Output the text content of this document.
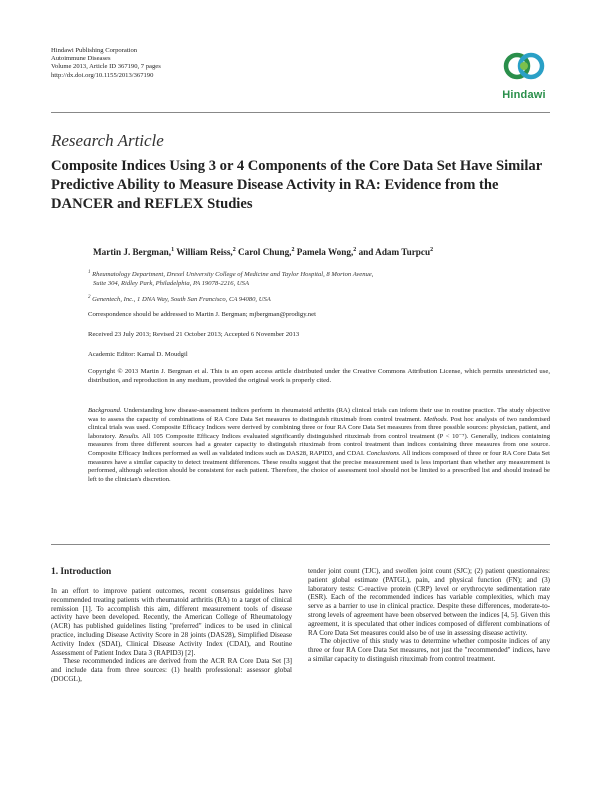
Hindawi Publishing Corporation
Autoimmune Diseases
Volume 2013, Article ID 367190, 7 pages
http://dx.doi.org/10.1155/2013/367190
Hindawi
Research Article
Composite Indices Using 3 or 4 Components of the Core Data Set Have Similar Predictive Ability to Measure Disease Activity in RA: Evidence from the DANCER and REFLEX Studies
Martin J. Bergman,$^1$ William Reiss,$^2$ Carol Chung,$^2$ Pamela Wong,$^2$ and Adam Turpcu$^2$
$^1$ Rheumatology Department, Drexel University College of Medicine and Taylor Hospital, 8 Morton Avenue,
Suite 304, Ridley Park, Philadelphia, PA 19078-2216, USA
$^2$ Genentech, Inc., 1 DNA Way, South San Francisco, CA 94080, USA
Correspondence should be addressed to Martin J. Bergman; mjbergman@prodigy.net
Received 23 July 2013; Revised 21 October 2013; Accepted 6 November 2013
Academic Editor: Kamal D. Moudgil
Copyright © 2013 Martin J. Bergman et al. This is an open access article distributed under the Creative Commons Attribution License, which permits unrestricted use, distribution, and reproduction in any medium, provided the original work is properly cited.
Background. Understanding how disease-assessment indices perform in rheumatoid arthritis (RA) clinical trials can inform their use in routine practice. The study objective was to assess the capacity of combinations of RA Core Data Set measures to distinguish rituximab from control treatment. Methods. Post hoc analysis of two randomised clinical trials was used. Composite Efficacy Indices were derived by combining three or four RA Core Data Set measures from three possible sources: physician, patient, and laboratory. Results. All 105 Composite Efficacy Indices evaluated significantly distinguished rituximab from control treatment (P < 10⁻⁷). Generally, indices containing measures from three different sources had a greater capacity to distinguish rituximab from control treatment than indices containing three measures from one source. Composite Efficacy Indices performed as well as validated indices such as DAS28, RAPID3, and CDAI. Conclusions. All indices composed of three or four RA Core Data Set measures have a similar capacity to detect treatment differences. These results suggest that the precise measurement used is less important than whether any measurement is performed, although selection should be consistent for each patient. Therefore, the choice of assessment tool should not be limited to a prescribed list and should instead be left to the clinician's discretion.
1. Introduction

In an effort to improve patient outcomes, recent consensus guidelines have recommended treating patients with rheumatoid arthritis (RA) to a target of clinical remission [1]. To accomplish this aim, different measurement tools of disease activity have been developed. Recently, the American College of Rheumatology (ACR) has published guidelines listing "preferred" indices to be used in clinical practice, including Disease Activity Score in 28 joints (DAS28), Simplified Disease Activity Index (SDAI), Clinical Disease Activity Index (CDAI), and Routine Assessment of Patient Index Data 3 (RAPID3) [2].

These recommended indices are derived from the ACR RA Core Data Set [3] and include data from three sources: (1) health professional: assessor global (DOCGL),

tender joint count (TJC), and swollen joint count (SJC); (2) patient questionnaires: patient global estimate (PATGL), pain, and physical function (FN); and (3) laboratory tests: C-reactive protein (CRP) level or erythrocyte sedimentation rate (ESR). Each of the recommended indices has variable complexities, which may serve as a barrier to use in clinical practice. Despite these differences, moderate-to-strong levels of agreement have been observed between the indices [4, 5]. Given this agreement, it is speculated that other indices composed of different combinations of RA Core Data Set measures could also be of use in assessing disease activity.

The objective of this study was to determine whether composite indices of any three or four RA Core Data Set measures, not just the "recommended" indices, have a similar capacity to distinguish rituximab from control treatment.
